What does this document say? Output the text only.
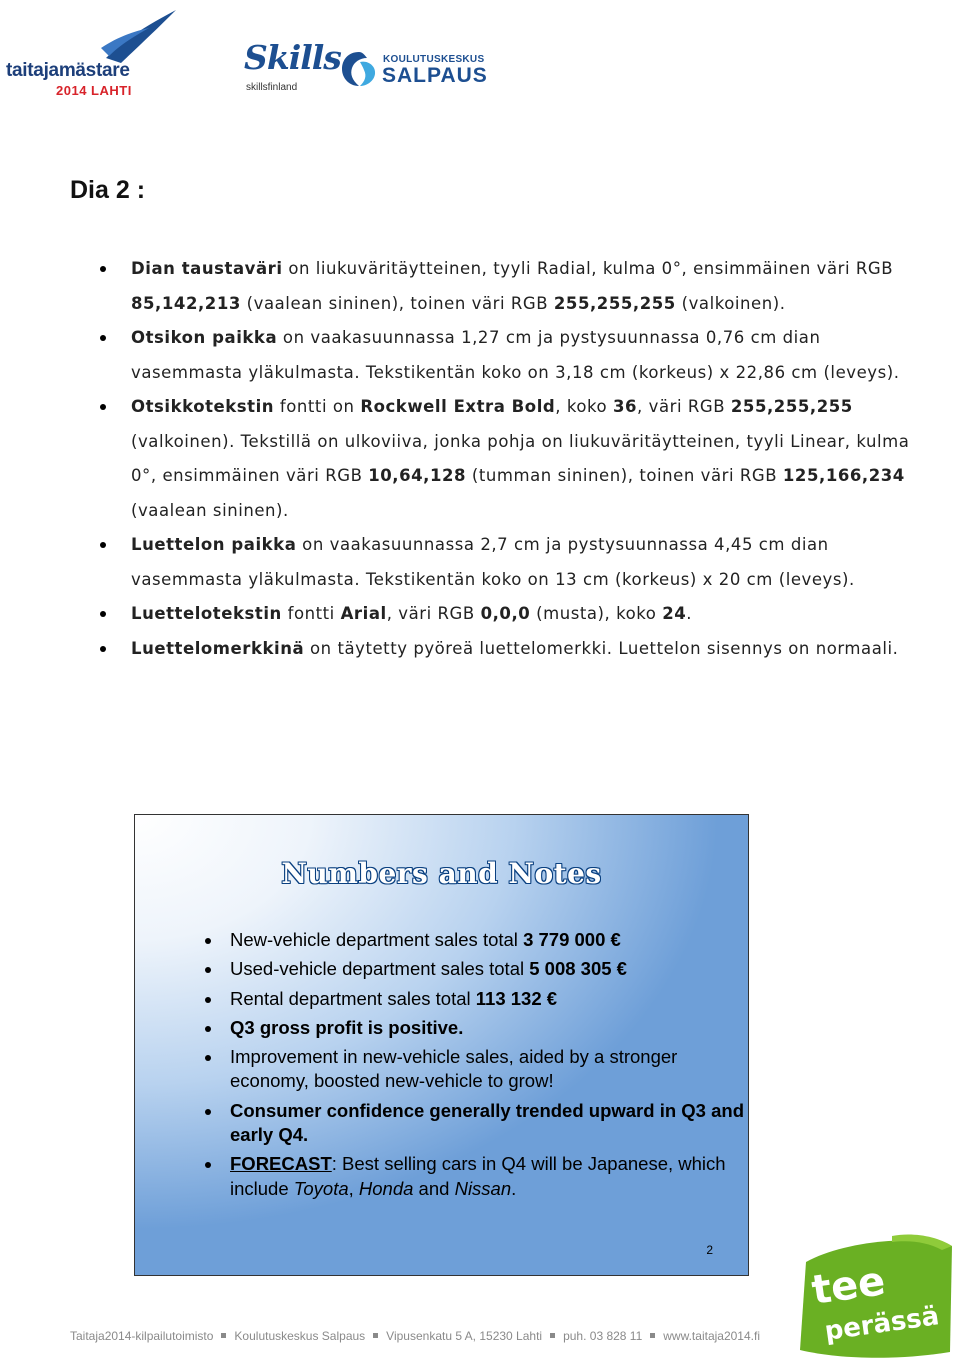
taitajamästare
2014 LAHTI
Skills
skillsfinland
KOULUTUSKESKUS
SALPAUS
Dia 2 :
Dian taustaväri on liukuväritäytteinen, tyyli Radial, kulma 0°, ensimmäinen väri RGB 85,142,213 (vaalean sininen), toinen väri RGB 255,255,255 (valkoinen).
Otsikon paikka on vaakasuunnassa 1,27 cm ja pystysuunnassa 0,76 cm dian vasemmasta yläkulmasta. Tekstikentän koko on 3,18 cm (korkeus) x 22,86 cm (leveys).
Otsikkotekstin fontti on Rockwell Extra Bold, koko 36, väri RGB 255,255,255 (valkoinen). Tekstillä on ulkoviiva, jonka pohja on liukuväritäytteinen, tyyli Linear, kulma 0°, ensimmäinen väri RGB 10,64,128 (tumman sininen), toinen väri RGB 125,166,234 (vaalean sininen).
Luettelon paikka on vaakasuunnassa 2,7 cm ja pystysuunnassa 4,45 cm dian vasemmasta yläkulmasta. Tekstikentän koko on 13 cm (korkeus) x 20 cm (leveys).
Luettelotekstin fontti Arial, väri RGB 0,0,0 (musta), koko 24.
Luettelomerkkinä on täytetty pyöreä luettelomerkki. Luettelon sisennys on normaali.
Numbers and Notes
New-vehicle department sales total 3 779 000 €
Used-vehicle department sales total 5 008 305 €
Rental department sales total 113 132 €
Q3 gross profit is positive.
Improvement in new-vehicle sales, aided by a stronger economy, boosted new-vehicle to grow!
Consumer confidence generally trended upward in Q3 and early Q4.
FORECAST: Best selling cars in Q4 will be Japanese, which include Toyota, Honda and Nissan.
2
tee
perässä
Taitaja2014-kilpailutoimisto Koulutuskeskus Salpaus Vipusenkatu 5 A, 15230 Lahti puh. 03 828 11 www.taitaja2014.fi
